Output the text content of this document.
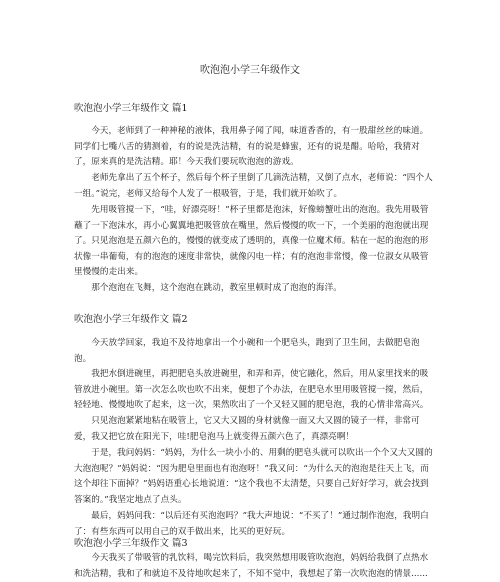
吹泡泡小学三年级作文
吹泡泡小学三年级作文 篇1

今天，老师到了一种神秘的液体，我用鼻子闻了闻，味道香香的，有一股甜丝丝的味道。同学们七嘴八舌的猜测着，有的说是洗洁精，有的说是蜂蜜，还有的说是醋。哈哈，我猜对了，原来真的是洗洁精。耶！今天我们要玩吹泡泡的游戏。

老师先拿出了五个杯子，然后每个杯子里倒了几滴洗洁精，又倒了点水，老师说：“四个人一组。”说完，老师又给每个人发了一根吸管，于是，我们就开始吹了。

先用吸管搅一下，“哇，好漂亮呀！”杯子里都是泡沫，好像螃蟹吐出的泡泡。我先用吸管蘸了一下泡沫水，再小心翼翼地把吸管放在嘴里，然后慢慢的吹一下，一个美丽的泡泡就出现了。只见泡泡是五颜六色的，慢慢的就变成了透明的，真像一位魔术师。粘在一起的泡泡的形状像一串葡萄，有的泡泡的速度非常快，就像闪电一样；有的泡泡非常慢，像一位淑女从吸管里慢慢的走出来。

那个泡泡在飞舞，这个泡泡在跳动，教室里顿时成了泡泡的海洋。

吹泡泡小学三年级作文 篇2

今天放学回家，我迫不及待地拿出一个小碗和一个肥皂头，跑到了卫生间，去做肥皂泡泡。

我把水倒进碗里，再把肥皂头放进碗里，和弄和弄，使它融化，然后，用从家里找来的吸管放进小碗里。第一次怎么吹也吹不出来，便想了个办法，在肥皂水里用吸管搅一搅，然后，轻轻地、慢慢地吹了起来，这一次，果然吹出了一个又轻又圆的肥皂泡，我的心情非常高兴。

只见泡泡紧紧地粘在吸管上，它又大又圆的身材就像一面又大又圆的镜子一样，非常可爱，我又把它放在阳光下，哇!肥皂泡马上就变得五颜六色了，真漂亮啊！

于是，我问妈妈：“妈妈，为什么一块小小的、用剩的肥皂头就可以吹出一个个又大又圆的大泡泡呢？”妈妈说：“因为肥皂里面也有泡泡呀！”我又问：“为什么天的泡泡是往天上飞，而这个却往下面掉？”妈妈语重心长地说道：“这个我也不太清楚，只要自己好好学习，就会找到答案的。”我坚定地点了点头。

最后，妈妈问我：“以后还有买泡泡吗？”我大声地说：“不买了！”通过制作泡泡，我明白了：有些东西可以用自己的双手做出来，比买的更好玩。

吹泡泡小学三年级作文 篇3

今天我买了带吸管的乳饮料，喝完饮料后，我突然想用吸管吹泡泡，妈妈给我倒了点热水和洗洁精，我和了和就迫不及待地吹起来了，不知不觉中，我想起了第一次吹泡泡的情景......
